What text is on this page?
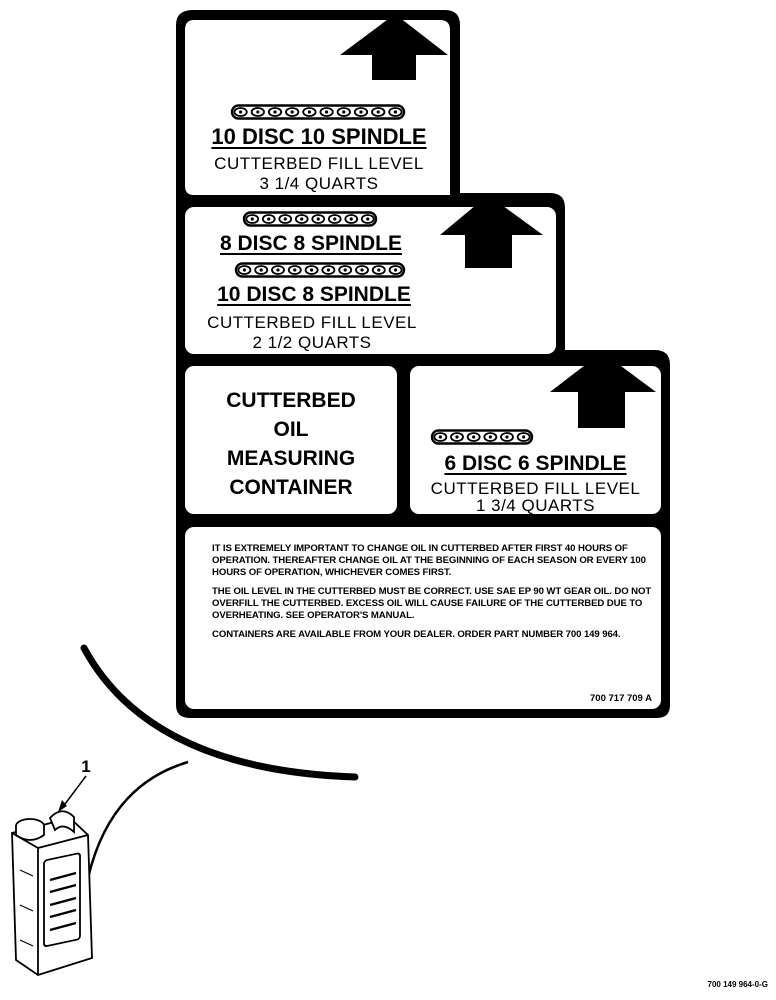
10 DISC 10 SPINDLE
CUTTERBED FILL LEVEL
3 1/4 QUARTS
8 DISC 8 SPINDLE
10 DISC 8 SPINDLE
CUTTERBED FILL LEVEL
2 1/2 QUARTS
CUTTERBED
OIL
MEASURING
CONTAINER
6 DISC 6 SPINDLE
CUTTERBED FILL LEVEL
1 3/4 QUARTS

IT IS EXTREMELY IMPORTANT TO CHANGE OIL IN CUTTERBED AFTER FIRST 40 HOURS OF OPERATION. THEREAFTER CHANGE OIL AT THE BEGINNING OF EACH SEASON OR EVERY 100 HOURS OF OPERATION, WHICHEVER COMES FIRST.

THE OIL LEVEL IN THE CUTTERBED MUST BE CORRECT. USE SAE EP 90 WT GEAR OIL. DO NOT OVERFILL THE CUTTERBED. EXCESS OIL WILL CAUSE FAILURE OF THE CUTTERBED DUE TO OVERHEATING. SEE OPERATOR'S MANUAL.

CONTAINERS ARE AVAILABLE FROM YOUR DEALER. ORDER PART NUMBER 700 149 964.

700 717 709 A
1
700 149 964-0-G
